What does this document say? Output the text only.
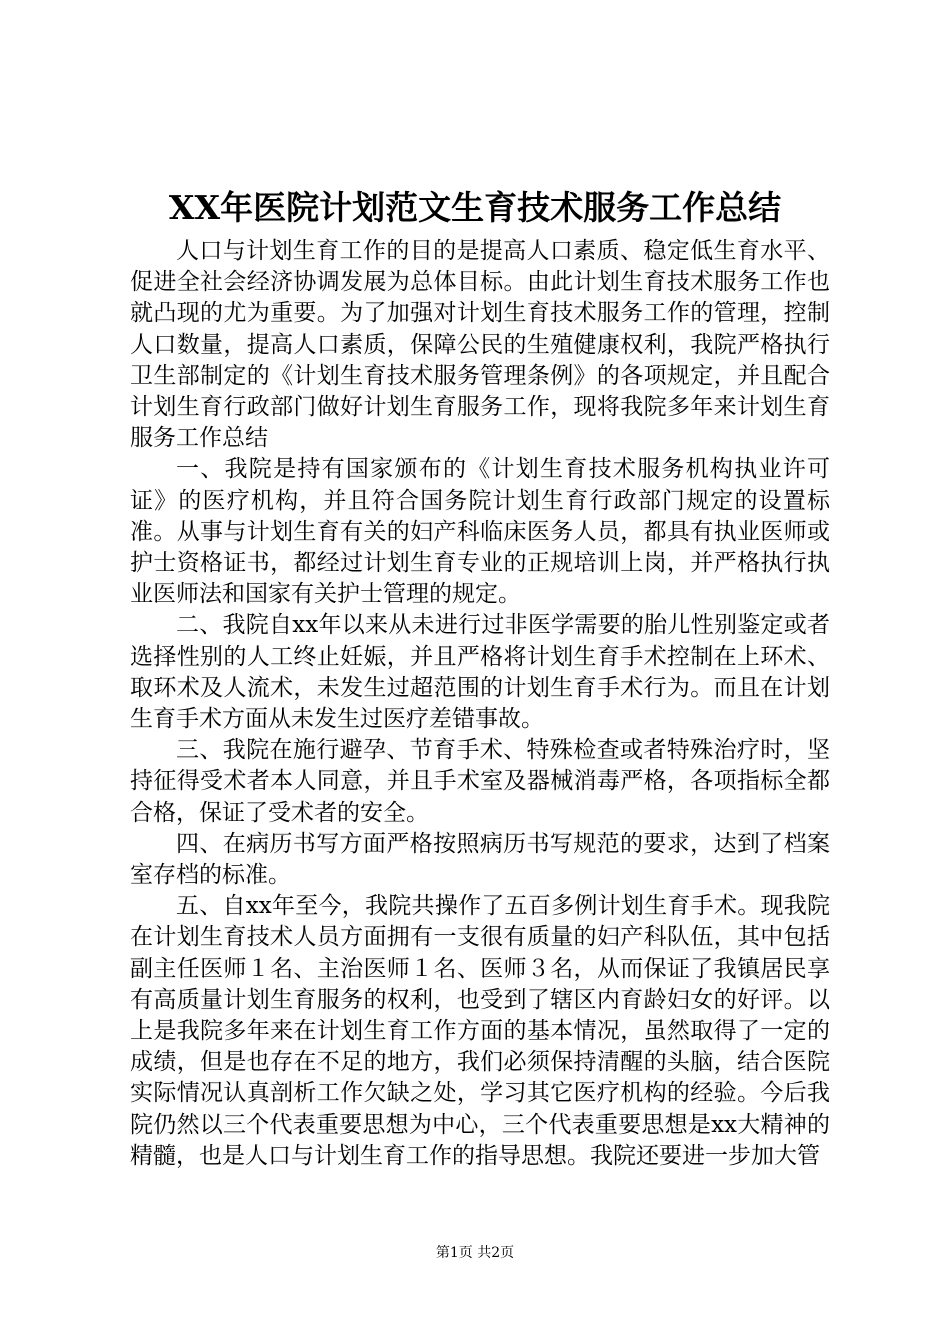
XX年医院计划范文生育技术服务工作总结

人口与计划生育工作的目的是提高人口素质、稳定低生育水平、促进全社会经济协调发展为总体目标。由此计划生育技术服务工作也就凸现的尤为重要。为了加强对计划生育技术服务工作的管理，控制人口数量，提高人口素质，保障公民的生殖健康权利，我院严格执行卫生部制定的《计划生育技术服务管理条例》的各项规定，并且配合计划生育行政部门做好计划生育服务工作，现将我院多年来计划生育服务工作总结

一、我院是持有国家颁布的《计划生育技术服务机构执业许可证》的医疗机构，并且符合国务院计划生育行政部门规定的设置标准。从事与计划生育有关的妇产科临床医务人员，都具有执业医师或护士资格证书，都经过计划生育专业的正规培训上岗，并严格执行执业医师法和国家有关护士管理的规定。

二、我院自xx年以来从未进行过非医学需要的胎儿性别鉴定或者选择性别的人工终止妊娠，并且严格将计划生育手术控制在上环术、取环术及人流术，未发生过超范围的计划生育手术行为。而且在计划生育手术方面从未发生过医疗差错事故。

三、我院在施行避孕、节育手术、特殊检查或者特殊治疗时，坚持征得受术者本人同意，并且手术室及器械消毒严格，各项指标全都合格，保证了受术者的安全。

四、在病历书写方面严格按照病历书写规范的要求，达到了档案室存档的标准。

五、自xx年至今，我院共操作了五百多例计划生育手术。现我院在计划生育技术人员方面拥有一支很有质量的妇产科队伍，其中包括副主任医师１名、主治医师１名、医师３名，从而保证了我镇居民享有高质量计划生育服务的权利，也受到了辖区内育龄妇女的好评。以上是我院多年来在计划生育工作方面的基本情况，虽然取得了一定的成绩，但是也存在不足的地方，我们必须保持清醒的头脑，结合医院实际情况认真剖析工作欠缺之处，学习其它医疗机构的经验。今后我院仍然以三个代表重要思想为中心，三个代表重要思想是xx大精神的精髓，也是人口与计划生育工作的指导思想。我院还要进一步加大管

第1页 共2页
